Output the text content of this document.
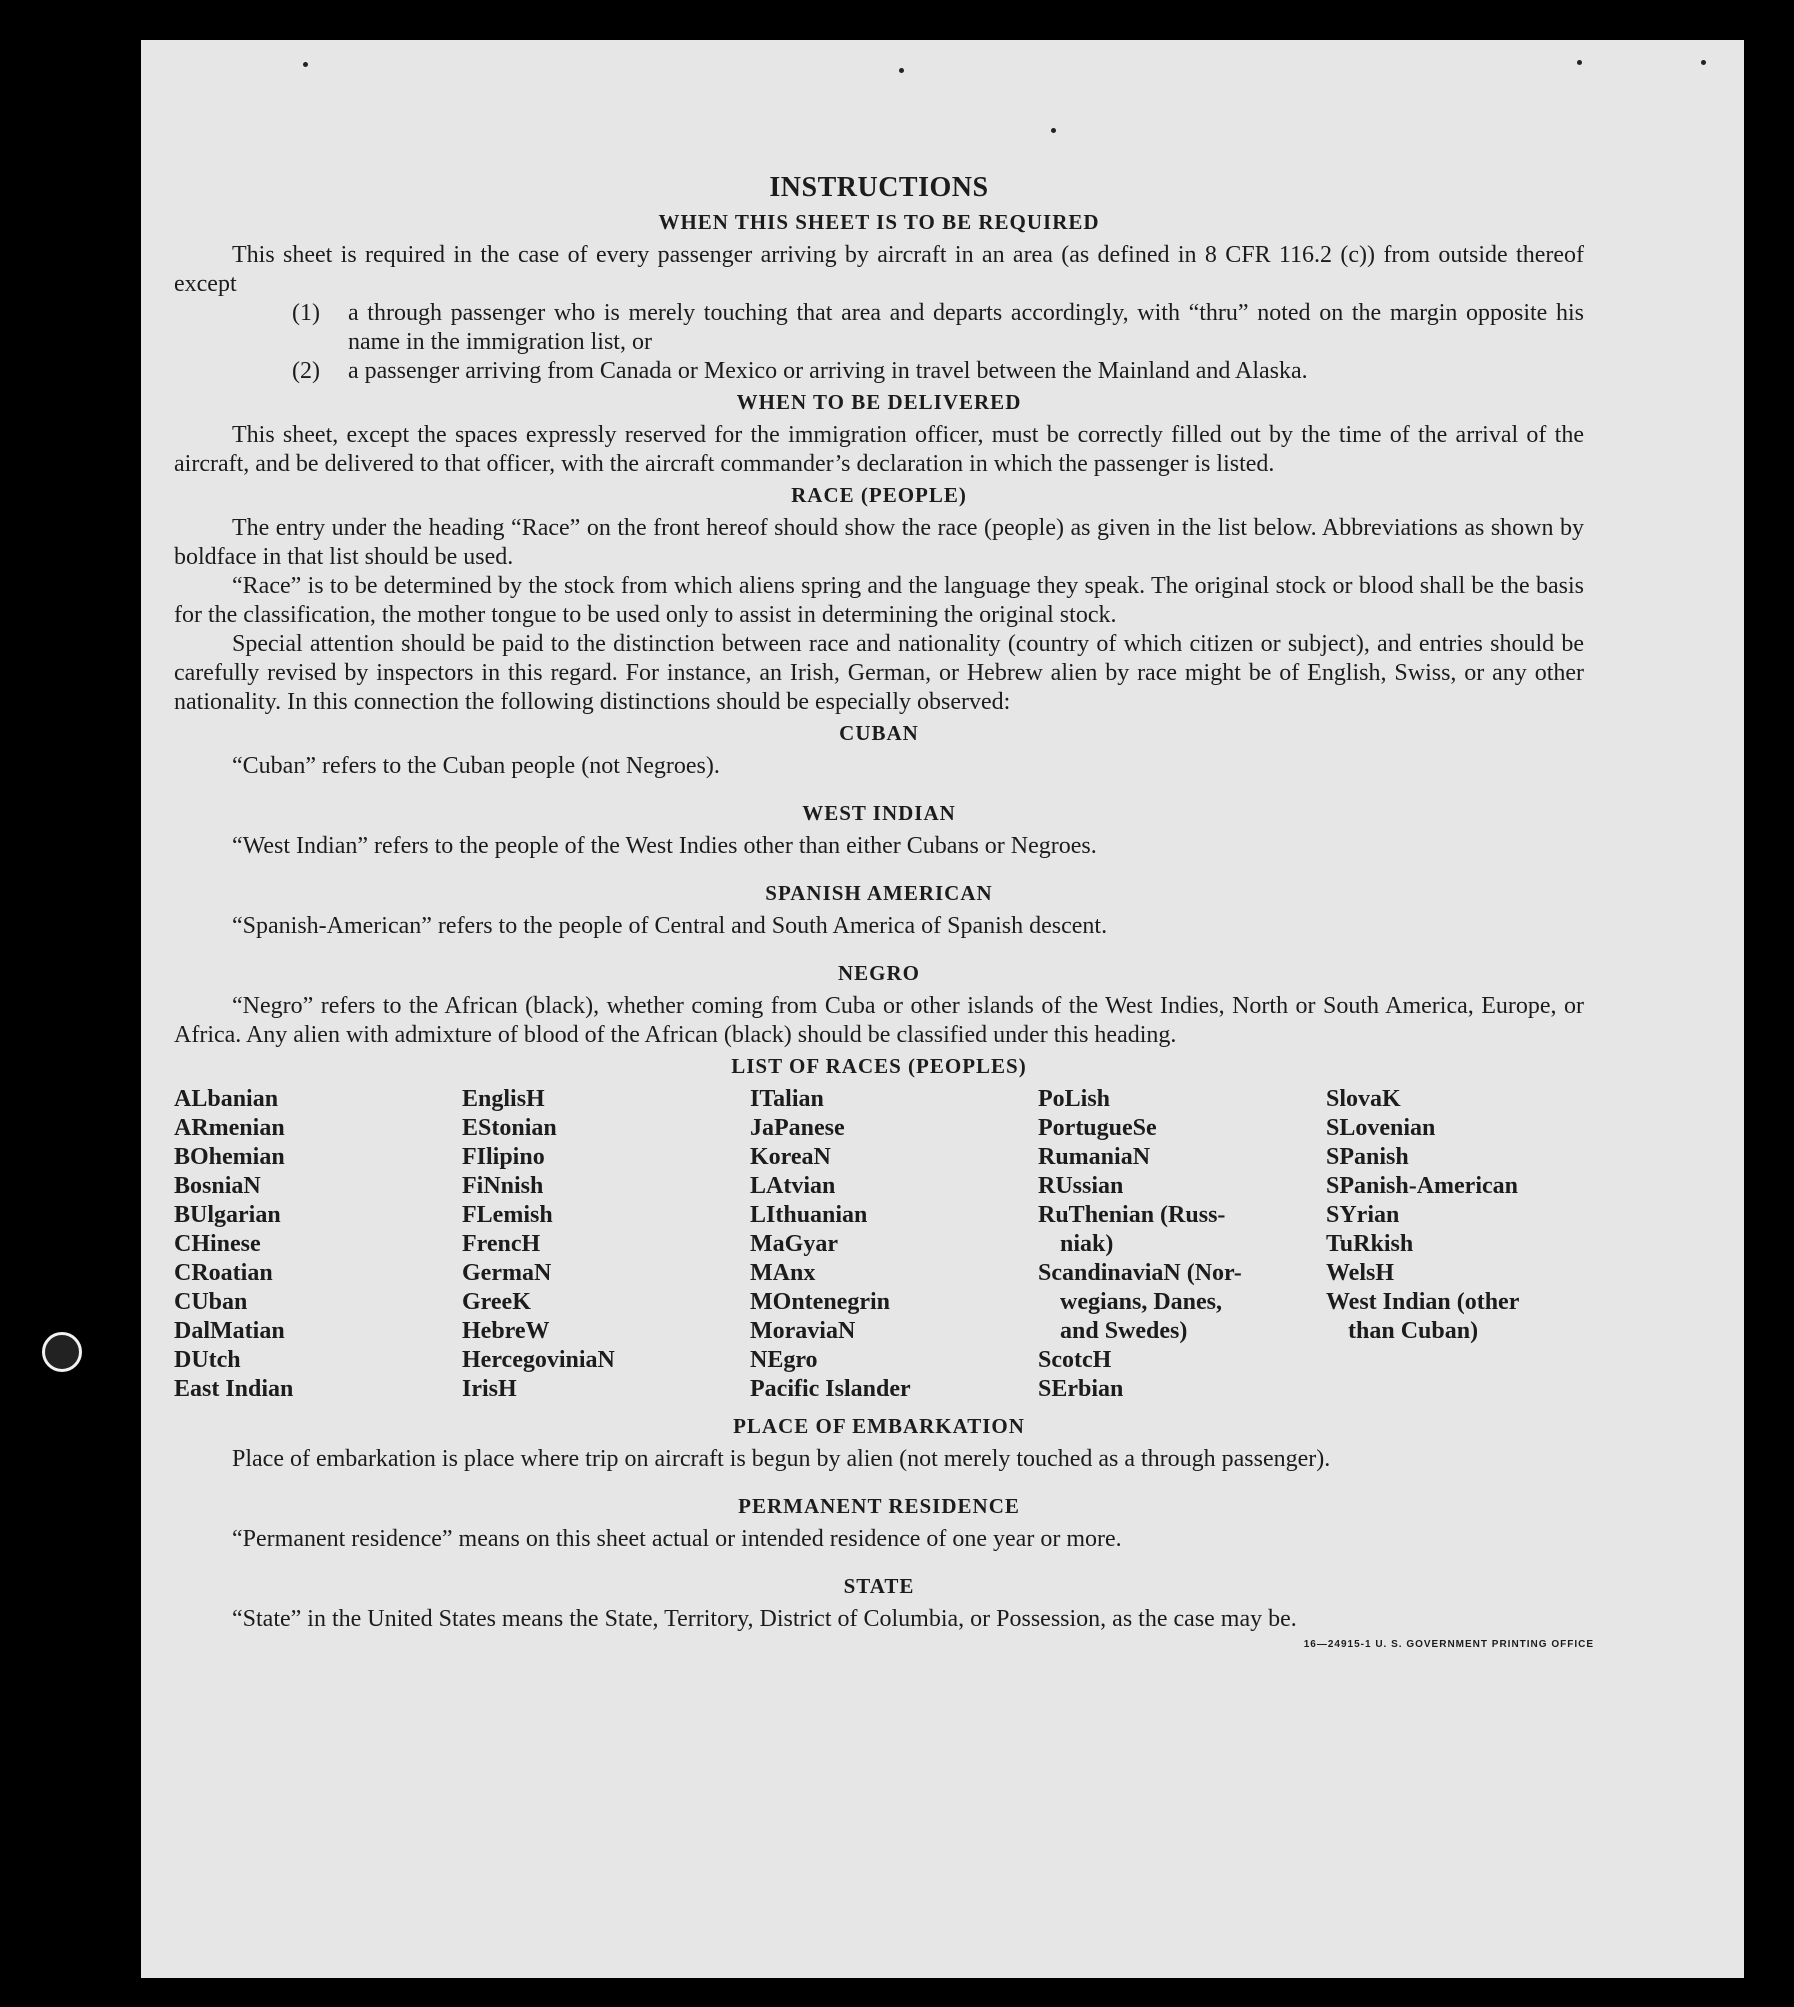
INSTRUCTIONS
WHEN THIS SHEET IS TO BE REQUIRED

This sheet is required in the case of every passenger arriving by aircraft in an area (as defined in 8 CFR 116.2 (c)) from outside thereof except

(1)	a through passenger who is merely touching that area and departs accordingly, with “thru” noted on the margin opposite his name in the immigration list, or
(2)	a passenger arriving from Canada or Mexico or arriving in travel between the Mainland and Alaska.
WHEN TO BE DELIVERED

This sheet, except the spaces expressly reserved for the immigration officer, must be correctly filled out by the time of the arrival of the aircraft, and be delivered to that officer, with the aircraft commander’s declaration in which the passenger is listed.

RACE (PEOPLE)

The entry under the heading “Race” on the front hereof should show the race (people) as given in the list below. Abbreviations as shown by boldface in that list should be used.

“Race” is to be determined by the stock from which aliens spring and the language they speak. The original stock or blood shall be the basis for the classification, the mother tongue to be used only to assist in determining the original stock.

Special attention should be paid to the distinction between race and nationality (country of which citizen or subject), and entries should be carefully revised by inspectors in this regard. For instance, an Irish, German, or Hebrew alien by race might be of English, Swiss, or any other nationality. In this connection the following distinctions should be especially observed:

CUBAN

“Cuban” refers to the Cuban people (not Negroes).

WEST INDIAN

“West Indian” refers to the people of the West Indies other than either Cubans or Negroes.

SPANISH AMERICAN

“Spanish-American” refers to the people of Central and South America of Spanish descent.

NEGRO

“Negro” refers to the African (black), whether coming from Cuba or other islands of the West Indies, North or South America, Europe, or Africa. Any alien with admixture of blood of the African (black) should be classified under this heading.

LIST OF RACES (PEOPLES)
ALbanian
ARmenian
BOhemian
BosniaN
BUlgarian
CHinese
CRoatian
CUban
DalMatian
DUtch
East Indian
EnglisH
EStonian
FIlipino
FiNnish
FLemish
FrencH
GermaN
GreeK
HebreW
HercegoviniaN
IrisH
ITalian
JaPanese
KoreaN
LAtvian
LIthuanian
MaGyar
MAnx
MOntenegrin
MoraviaN
NEgro
Pacific Islander
PoLish
PortugueSe
RumaniaN
RUssian
RuThenian (Russ-
niak)
ScandinaviaN (Nor-
wegians, Danes,
and Swedes)
ScotcH
SErbian
SlovaK
SLovenian
SPanish
SPanish-American
SYrian
TuRkish
WelsH
West Indian (other
than Cuban)
PLACE OF EMBARKATION

Place of embarkation is place where trip on aircraft is begun by alien (not merely touched as a through passenger).

PERMANENT RESIDENCE

“Permanent residence” means on this sheet actual or intended residence of one year or more.

STATE

“State” in the United States means the State, Territory, District of Columbia, or Possession, as the case may be.

16—24915-1 U. S. GOVERNMENT PRINTING OFFICE
